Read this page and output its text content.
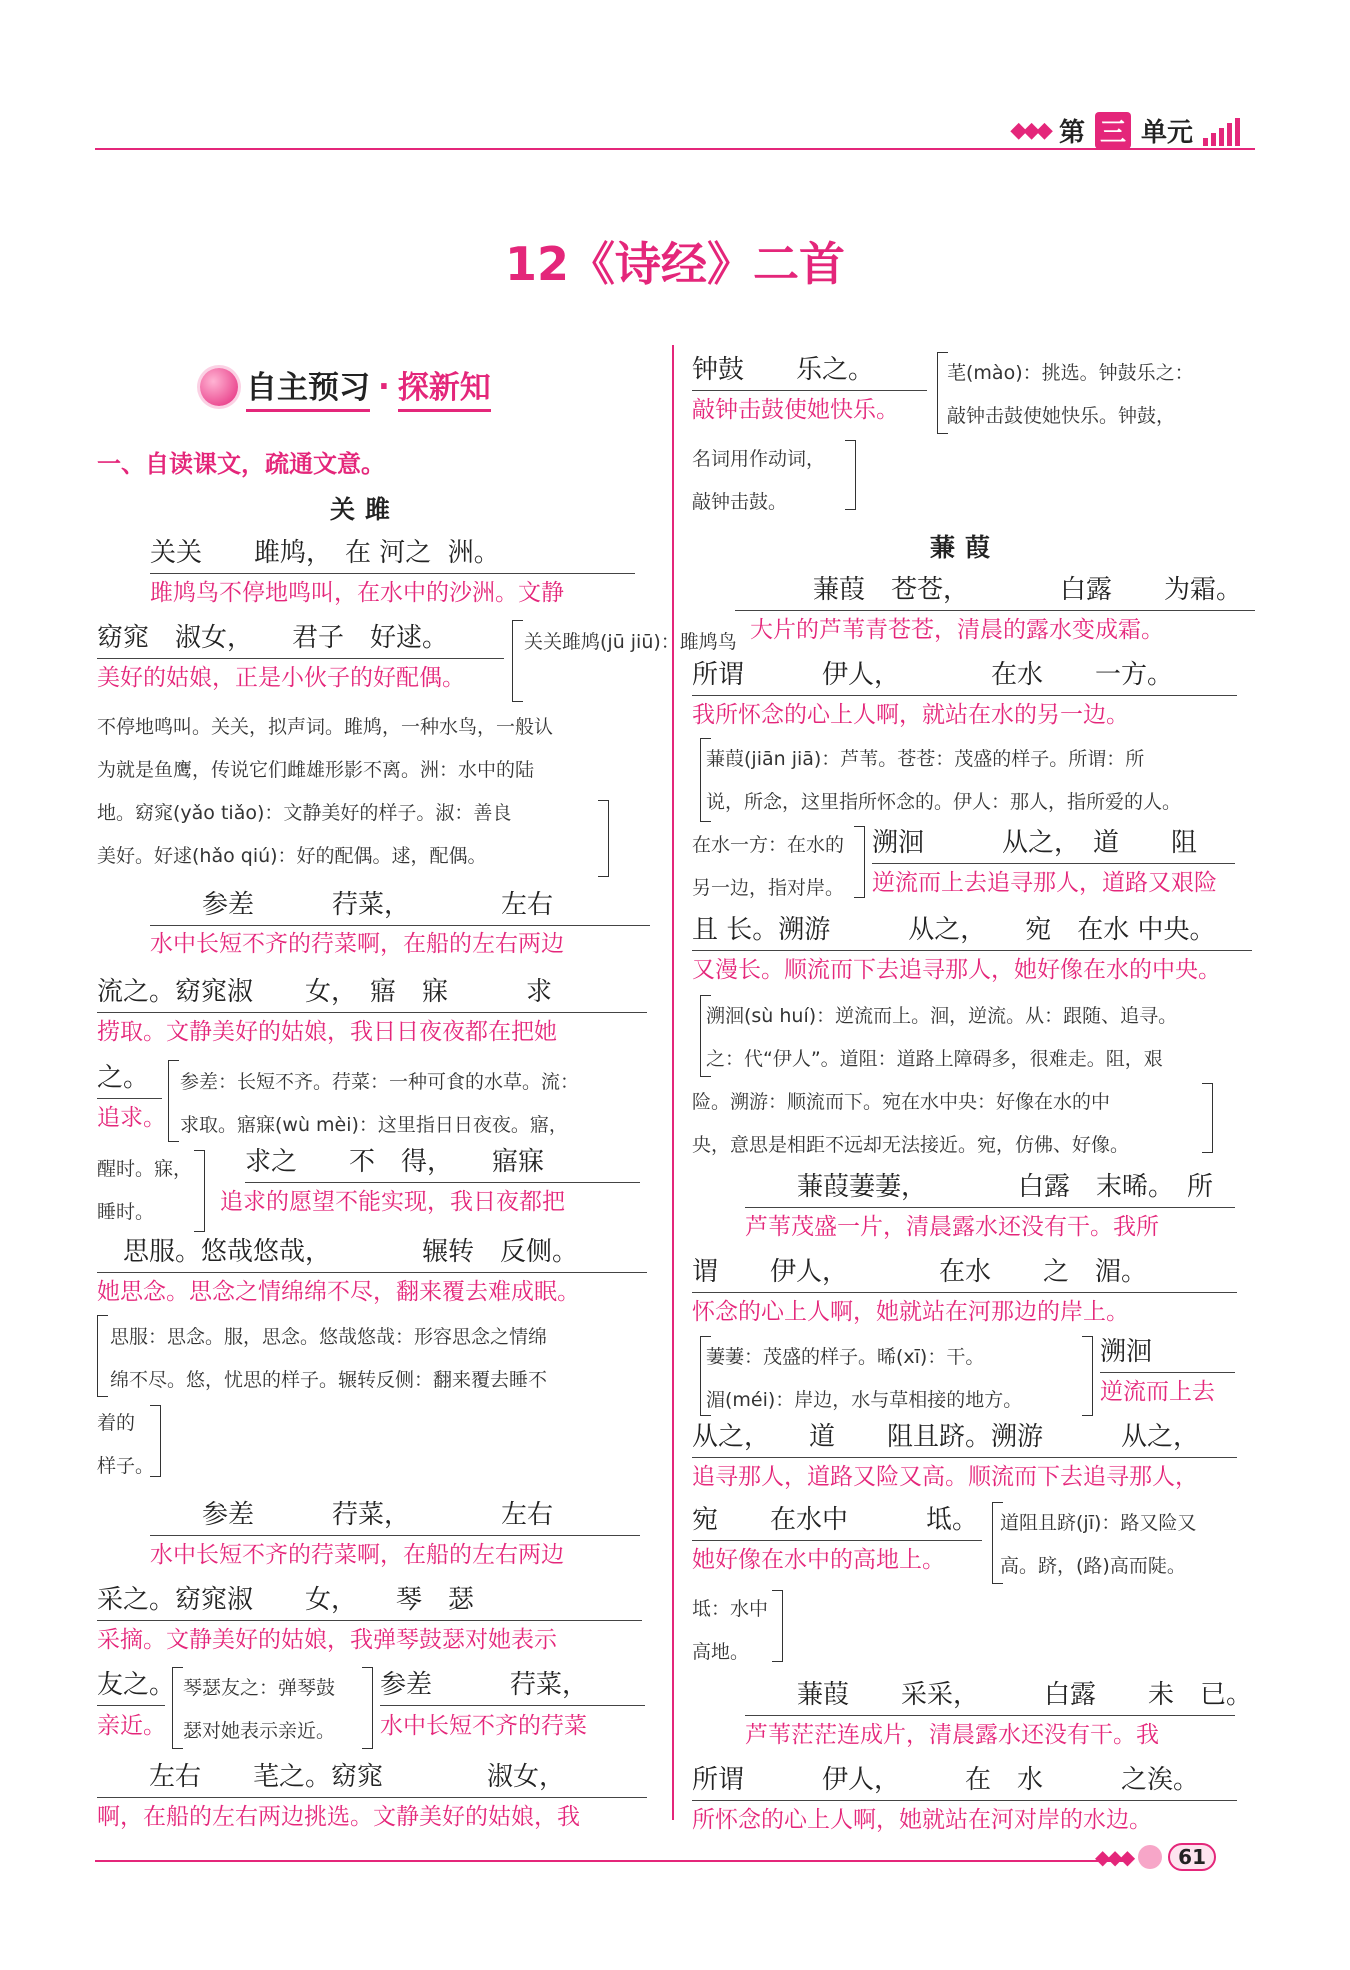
◆◆◆ 第 三 单元
12《诗经》二首
自主预习 · 探新知
一、自读课文，疏通文意。
关雎
关关　　雎鸠，　在 河之  洲。
雎鸠鸟不停地鸣叫，在水中的沙洲。文静
窈窕　淑女，　　君子　好逑。
美好的姑娘，正是小伙子的好配偶。
关关雎鸠(jū jiū)：雎鸠鸟
不停地鸣叫。关关，拟声词。雎鸠，一种水鸟，一般认
为就是鱼鹰，传说它们雌雄形影不离。洲：水中的陆
地。窈窕(yǎo tiǎo)：文静美好的样子。淑：善良
美好。好逑(hǎo qiú)：好的配偶。逑，配偶。
　　参差　　　荇菜，　　　　左右
水中长短不齐的荇菜啊，在船的左右两边
流之。窈窕淑　　女，　寤　寐　　　求
捞取。文静美好的姑娘，我日日夜夜都在把她
之。
追求。
参差：长短不齐。荇菜：一种可食的水草。流：
求取。寤寐(wù mèi)：这里指日日夜夜。寤，
醒时。寐，
睡时。
求之　　不　得，　　寤寐
追求的愿望不能实现，我日夜都把
　思服。悠哉悠哉，　　　　辗转　反侧。
她思念。思念之情绵绵不尽，翻来覆去难成眠。
思服：思念。服，思念。悠哉悠哉：形容思念之情绵
绵不尽。悠，忧思的样子。辗转反侧：翻来覆去睡不
着的
样子。
　　参差　　　荇菜，　　　　左右
水中长短不齐的荇菜啊，在船的左右两边
采之。窈窕淑　　女，　　琴　瑟
采摘。文静美好的姑娘，我弹琴鼓瑟对她表示
友之。
亲近。
琴瑟友之：弹琴鼓
瑟对她表示亲近。
参差　　　荇菜，
水中长短不齐的荇菜
　　左右　　芼之。窈窕　　　　淑女，
啊，在船的左右两边挑选。文静美好的姑娘，我
钟鼓　　乐之。
敲钟击鼓使她快乐。
芼(mào)：挑选。钟鼓乐之：
敲钟击鼓使她快乐。钟鼓，
名词用作动词，
敲钟击鼓。
蒹葭
　　　蒹葭　苍苍，　　　　白露　　为霜。
大片的芦苇青苍苍，清晨的露水变成霜。
所谓　　　伊人，　　　　在水　　一方。
我所怀念的心上人啊，就站在水的另一边。
蒹葭(jiān jiā)：芦苇。苍苍：茂盛的样子。所谓：所
说，所念，这里指所怀念的。伊人：那人，指所爱的人。
在水一方：在水的
另一边，指对岸。
溯洄　　　从之，　道　　阻
逆流而上去追寻那人，道路又艰险
且 长。溯游　　　从之，　　宛　在水 中央。
又漫长。顺流而下去追寻那人，她好像在水的中央。
溯洄(sù huí)：逆流而上。洄，逆流。从：跟随、追寻。
之：代“伊人”。道阻：道路上障碍多，很难走。阻，艰
险。溯游：顺流而下。宛在水中央：好像在水的中
央，意思是相距不远却无法接近。宛，仿佛、好像。
　　蒹葭萋萋，　　　　白露　末晞。　所
芦苇茂盛一片，清晨露水还没有干。我所
谓　　伊人，　　　　在水　　之　湄。
怀念的心上人啊，她就站在河那边的岸上。
萋萋：茂盛的样子。晞(xī)：干。
湄(méi)：岸边，水与草相接的地方。
溯洄
逆流而上去
从之，　　道　　阻且跻。溯游　　　从之，
追寻那人，道路又险又高。顺流而下去追寻那人，
宛　　在水中　　　坻。
她好像在水中的高地上。
道阻且跻(jī)：路又险又
高。跻，(路)高而陡。
坻：水中
高地。
　　蒹葭　　采采，　　　白露　　未　已。
芦苇茫茫连成片，清晨露水还没有干。我
所谓　　　伊人，　　　在　水　　　之涘。
所怀念的心上人啊，她就站在河对岸的水边。
◆◆◆	61
